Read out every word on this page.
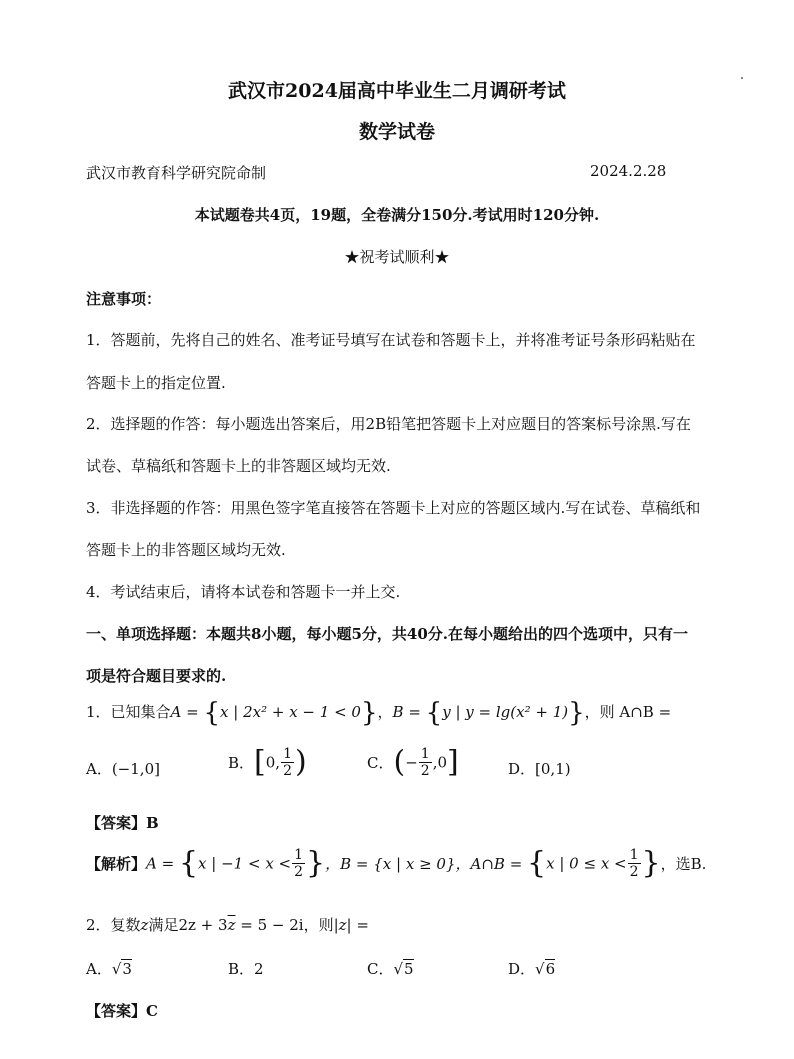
武汉市2024届高中毕业生二月调研考试
数学试卷
武汉市教育科学研究院命制	2024.2.28
本试题卷共4页，19题，全卷满分150分.考试用时120分钟.
★祝考试顺利★
注意事项：
1．答题前，先将自己的姓名、准考证号填写在试卷和答题卡上，并将准考证号条形码粘贴在
答题卡上的指定位置.
2．选择题的作答：每小题选出答案后，用2B铅笔把答题卡上对应题目的答案标号涂黑.写在
试卷、草稿纸和答题卡上的非答题区域均无效.
3．非选择题的作答：用黑色签字笔直接答在答题卡上对应的答题区域内.写在试卷、草稿纸和
答题卡上的非答题区域均无效.
4．考试结束后，请将本试卷和答题卡一并上交.
一、单项选择题：本题共8小题，每小题5分，共40分.在每小题给出的四个选项中，只有一
项是符合题目要求的.
1．已知集合A = {x | 2x² + x − 1 < 0}，B = {y | y = lg(x² + 1)}，则 A∩B =
A．(−1,0]	B．[0, $\frac{1}{2}$ )	C．(− $\frac{1}{2} ,0$]	D．[0,1)
【答案】B
【解析】A = {x | $-1 < x < \frac{1}{2}$ }，B = {x | x ≥ 0}，A∩B = {x | $0 \le x < \frac{1}{2}$ }，选B.
2．复数z满足$2z + 3\overline{z} = 5 - 2i$，则|z| =
A．√3	B．2	C．√5	D．√6
【答案】C
